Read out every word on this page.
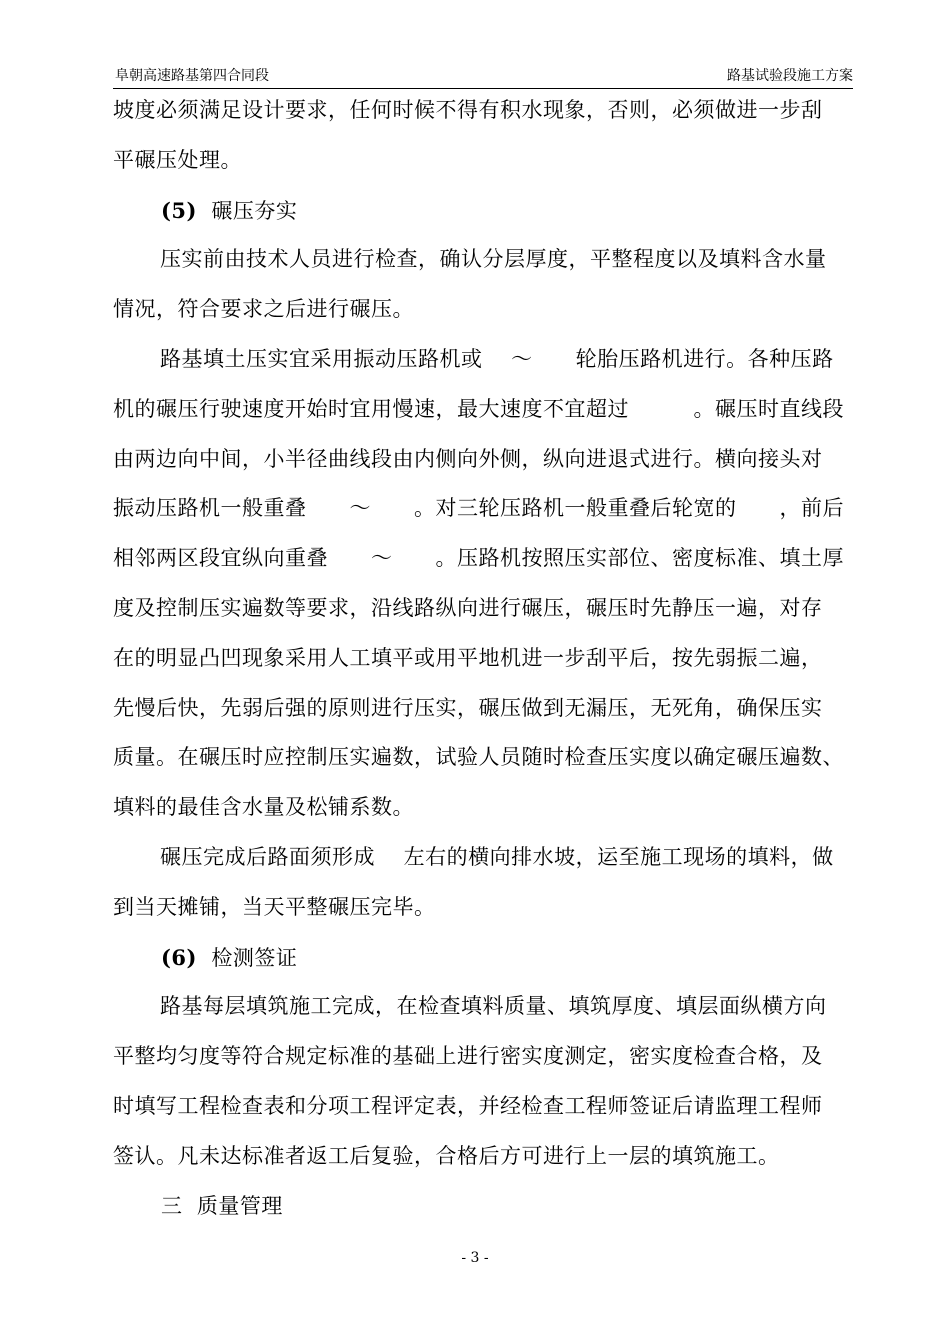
阜朝高速路基第四合同段	路基试验段施工方案
坡度必须满足设计要求，任何时候不得有积水现象，否则，必须做进一步刮
平碾压处理。
(5) 碾压夯实
压实前由技术人员进行检查，确认分层厚度，平整程度以及填料含水量
情况，符合要求之后进行碾压。
路基填土压实宜采用振动压路机或　 ～　　轮胎压路机进行。各种压路
机的碾压行驶速度开始时宜用慢速，最大速度不宜超过　　　。碾压时直线段
由两边向中间，小半径曲线段由内侧向外侧，纵向进退式进行。横向接头对
振动压路机一般重叠　　～　　。对三轮压路机一般重叠后轮宽的　　，前后
相邻两区段宜纵向重叠　　～　　。压路机按照压实部位、密度标准、填土厚
度及控制压实遍数等要求，沿线路纵向进行碾压，碾压时先静压一遍，对存
在的明显凸凹现象采用人工填平或用平地机进一步刮平后，按先弱振二遍，
先慢后快，先弱后强的原则进行压实，碾压做到无漏压，无死角，确保压实
质量。在碾压时应控制压实遍数，试验人员随时检查压实度以确定碾压遍数、
填料的最佳含水量及松铺系数。
碾压完成后路面须形成　 左右的横向排水坡，运至施工现场的填料，做
到当天摊铺，当天平整碾压完毕。
(6) 检测签证
路基每层填筑施工完成，在检查填料质量、填筑厚度、填层面纵横方向
平整均匀度等符合规定标准的基础上进行密实度测定，密实度检查合格，及
时填写工程检查表和分项工程评定表，并经检查工程师签证后请监理工程师
签认。凡未达标准者返工后复验，合格后方可进行上一层的填筑施工。
三 质量管理
- 3 -
